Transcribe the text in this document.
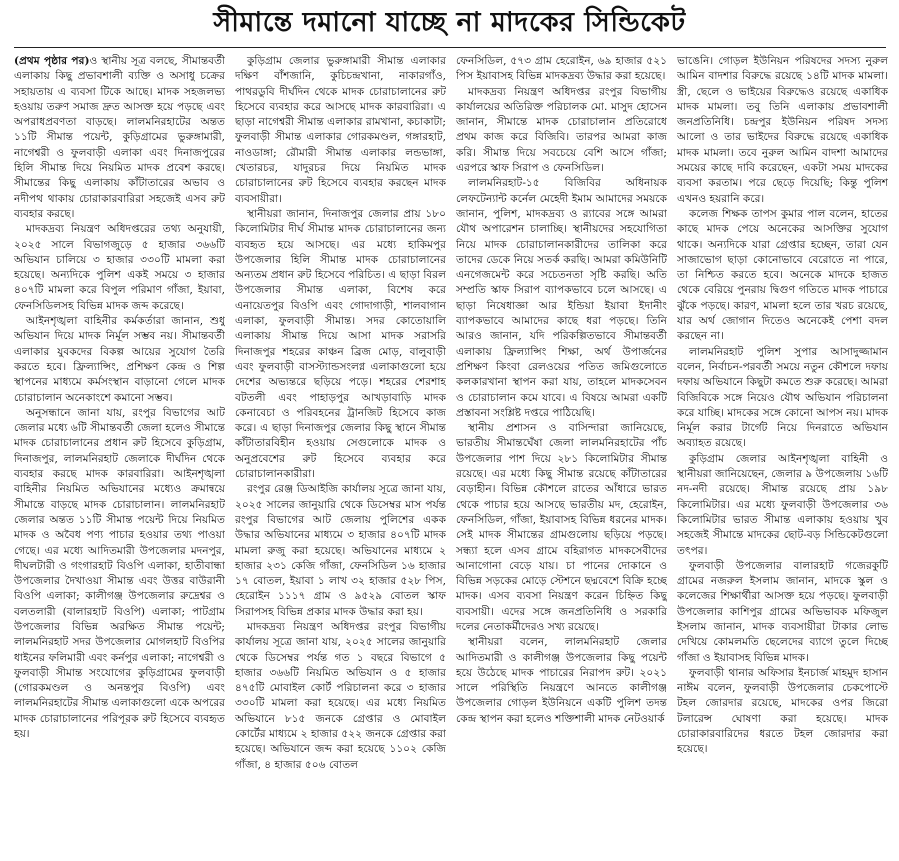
সীমান্তে দমানো যাচ্ছে না মাদকের সিন্ডিকেট

(প্রথম পৃষ্ঠার পর)ও স্থানীয় সূত্র বলছে, সীমান্তবর্তী এলাকায় কিছু প্রভাবশালী ব্যক্তি ও অসাধু চক্রের সহায়তায় এ ব্যবসা টিকে আছে। মাদক সহজলভ্য হওয়ায় তরুণ সমাজ দ্রুত আসক্ত হয়ে পড়ছে এবং অপরাধপ্রবণতা বাড়ছে। লালমনিরহাটের অন্তত ১১টি সীমান্ত পয়েন্ট, কুড়িগ্রামের ভুরুঙ্গামারী, নাগেশ্বরী ও ফুলবাড়ী এলাকা এবং দিনাজপুরের হিলি সীমান্ত দিয়ে নিয়মিত মাদক প্রবেশ করছে। সীমান্তের কিছু এলাকায় কাঁটাতারের অভাব ও নদীপথ থাকায় চোরাকারবারিরা সহজেই এসব রুট ব্যবহার করছে।

মাদকদ্রব্য নিয়ন্ত্রণ অধিদপ্তরের তথ্য অনুযায়ী, ২০২৫ সালে বিভাগজুড়ে ৫ হাজার ৩৬৬টি অভিযান চালিয়ে ৩ হাজার ৩৩০টি মামলা করা হয়েছে। অন্যদিকে পুলিশ একই সময়ে ৩ হাজার ৪০৭টি মামলা করে বিপুল পরিমাণ গাঁজা, ইয়াবা, ফেনসিডিলসহ বিভিন্ন মাদক জব্দ করেছে।

আইনশৃঙ্খলা বাহিনীর কর্মকর্তারা জানান, শুধু অভিযান দিয়ে মাদক নির্মূল সম্ভব নয়। সীমান্তবর্তী এলাকার যুবকদের বিকল্প আয়ের সুযোগ তৈরি করতে হবে। ফ্রিল্যান্সিং, প্রশিক্ষণ কেন্দ্র ও শিল্প স্থাপনের মাধ্যমে কর্মসংস্থান বাড়ানো গেলে মাদক চোরাচালান অনেকাংশে কমানো সম্ভব।

অনুসন্ধানে জানা যায়, রংপুর বিভাগের আট জেলার মধ্যে ৬টি সীমান্তবর্তী জেলা হলেও সীমান্তে মাদক চোরাচালানের প্রধান রুট হিসেবে কুড়িগ্রাম, দিনাজপুর, লালমনিরহাট জেলাকে দীর্ঘদিন থেকে ব্যবহার করছে মাদক কারবারিরা। আইনশৃঙ্খলা বাহিনীর নিয়মিত অভিযানের মধ্যেও ক্রমান্বয়ে সীমান্তে বাড়ছে মাদক চোরাচালান। লালমনিরহাট জেলার অন্তত ১১টি সীমান্ত পয়েন্ট দিয়ে নিয়মিত মাদক ও অবৈধ পণ্য পাচার হওয়ার তথ্য পাওয়া গেছে। এর মধ্যে আদিতমারী উপজেলার মদনপুর, দীঘলটারী ও গংগারহাট বিওপি এলাকা, হাতীবান্ধা উপজেলার দৈখাওয়া সীমান্ত এবং উত্তর বাউরানী বিওপি এলাকা; কালীগঞ্জ উপজেলার রুদ্রেশ্বর ও বলতলারী (বালারহাট বিওপি) এলাকা; পাটগ্রাম উপজেলার বিভিন্ন অরক্ষিত সীমান্ত পয়েন্ট; লালমনিরহাট সদর উপজেলার মোগলহাট বিওপির ধাইনের ফলিমারী এবং কর্নপুর এলাকা; নাগেশ্বরী ও ফুলবাড়ী সীমান্ত সংযোগের কুড়িগ্রামের ফুলবাড়ী (গোরকমণ্ডল ও অনন্তপুর বিওপি) এবং লালমনিরহাটের সীমান্ত এলাকাগুলো একে অপরের মাদক চোরাচালানের পরিপূরক রুট হিসেবে ব্যবহৃত হয়।

কুড়িগ্রাম জেলার ভুরুঙ্গামারী সীমান্ত এলাকার দক্ষিণ বাঁশজানি, কুচিচন্দ্রখানা, নাকারগাঁও, পাথরডুবি দীর্ঘদিন থেকে মাদক চোরাচালানের রুট হিসেবে ব্যবহার করে আসছে মাদক কারবারিরা। এ ছাড়া নাগেশ্বরী সীমান্ত এলাকার রামখানা, কচাকাটা; ফুলবাড়ী সীমান্ত এলাকার গোরকমণ্ডল, গঙ্গারহাট, নাওডাঙ্গা; রৌমারী সীমান্ত এলাকার লন্ডভাঙ্গা, খেতারচর, যাদুরচর দিয়ে নিয়মিত মাদক চোরাচালানের রুট হিসেবে ব্যবহার করছেন মাদক ব্যবসায়ীরা।

স্থানীয়রা জানান, দিনাজপুর জেলার প্রায় ১৮০ কিলোমিটার দীর্ঘ সীমান্ত মাদক চোরাচালানের জন্য ব্যবহৃত হয়ে আসছে। এর মধ্যে হাকিমপুর উপজেলার হিলি সীমান্ত মাদক চোরাচালানের অন্যতম প্রধান রুট হিসেবে পরিচিত। এ ছাড়া বিরল উপজেলার সীমান্ত এলাকা, বিশেষ করে এনায়েতপুর বিওপি এবং গোদাগাড়ী, শালবাগান এলাকা, ফুলবাড়ী সীমান্ত। সদর কোতোয়ালি এলাকায় সীমান্ত দিয়ে আসা মাদক সরাসরি দিনাজপুর শহরের কাঞ্চন ব্রিজ মোড়, বালুবাড়ী এবং ফুলবাড়ী বাসস্ট্যান্ডসংলগ্ন এলাকাগুলো হয়ে দেশের অভ্যন্তরে ছড়িয়ে পড়ে। শহরের শেরশাহ বটতলী এবং পাহাড়পুর আখড়াবাড়ি মাদক কেনাবেচা ও পরিবহনের ট্রানজিট হিসেবে কাজ করে। এ ছাড়া দিনাজপুর জেলার কিছু স্থানে সীমান্ত কাঁটাতারবিহীন হওয়ায় সেগুলোকে মাদক ও অনুপ্রবেশের রুট হিসেবে ব্যবহার করে চোরাচালানকারীরা।

রংপুর রেঞ্জ ডিআইজি কার্যালয় সূত্রে জানা যায়, ২০২৫ সালের জানুয়ারি থেকে ডিসেম্বর মাস পর্যন্ত রংপুর বিভাগের আট জেলায় পুলিশের একক উদ্ধার অভিযানের মাধ্যমে ৩ হাজার ৪০৭টি মাদক মামলা রুজু করা হয়েছে। অভিযানের মাধ্যমে ২ হাজার ২৩১ কেজি গাঁজা, ফেনসিডিল ১৬ হাজার ১৭ বোতল, ইয়াবা ১ লাখ ৩২ হাজার ৫২৮ পিস, হেরোইন ১১১৭ গ্রাম ও ৯৫২৯ বোতল স্কাফ সিরাপসহ বিভিন্ন প্রকার মাদক উদ্ধার করা হয়।

মাদকদ্রব্য নিয়ন্ত্রণ অধিদপ্তর রংপুর বিভাগীয় কার্যালয় সূত্রে জানা যায়, ২০২৫ সালের জানুয়ারি থেকে ডিসেম্বর পর্যন্ত গত ১ বছরে বিভাগে ৫ হাজার ৩৬৬টি নিয়মিত অভিযান ও ৫ হাজার ৪৭৫টি মোবাইল কোর্ট পরিচালনা করে ৩ হাজার ৩৩০টি মামলা করা হয়েছে। এর মধ্যে নিয়মিত অভিযানে ৮১৫ জনকে গ্রেপ্তার ও মোবাইল কোর্টের মাধ্যমে ২ হাজার ৫২২ জনকে গ্রেপ্তার করা হয়েছে। অভিযানে জব্দ করা হয়েছে ১১০২ কেজি গাঁজা, ৪ হাজার ৫০৬ বোতল

ফেনসিডিল, ৫৭৩ গ্রাম হেরোইন, ৬৯ হাজার ৫২১ পিস ইয়াবাসহ বিভিন্ন মাদকদ্রব্য উদ্ধার করা হয়েছে।

মাদকদ্রব্য নিয়ন্ত্রণ অধিদপ্তর রংপুর বিভাগীয় কার্যালয়ের অতিরিক্ত পরিচালক মো. মাসুদ হোসেন জানান, সীমান্তে মাদক চোরাচালান প্রতিরোধে প্রথম কাজ করে বিজিবি। তারপর আমরা কাজ করি। সীমান্ত দিয়ে সবচেয়ে বেশি আসে গাঁজা; এরপরে স্কাফ সিরাপ ও ফেনসিডিল।

লালমনিরহাট-১৫ বিজিবির অধিনায়ক লেফটেন্যান্ট কর্নেল মেহেদী ইমাম আমাদের সময়কে জানান, পুলিশ, মাদকদ্রব্য ও র‌্যাবের সঙ্গে আমরা যৌথ অপারেশন চালাচ্ছি। স্থানীয়দের সহযোগিতা নিয়ে মাদক চোরাচালানকারীদের তালিকা করে তাদের ডেকে নিয়ে সতর্ক করছি। আমরা কমিউনিটি এনগেজমেন্ট করে সচেতনতা সৃষ্টি করছি। অতি সম্প্রতি স্কাফ সিরাপ ব্যাপকভাবে চলে আসছে। এ ছাড়া নিষেধাজ্ঞা আর ইন্ডিয়া ইয়াবা ইদানীং ব্যাপকভাবে আমাদের কাছে ধরা পড়ছে। তিনি আরও জানান, যদি পরিকল্পিতভাবে সীমান্তবর্তী এলাকায় ফ্রিল্যান্সিং শিক্ষা, অর্থ উপার্জনের প্রশিক্ষণ কিংবা রেলওয়ের পতিত জমিগুলোতে কলকারখানা স্থাপন করা যায়, তাহলে মাদকসেবন ও চোরাচালান কমে যাবে। এ বিষয়ে আমরা একটি প্রস্তাবনা সংশ্লিষ্ট দপ্তরে পাঠিয়েছি।

স্থানীয় প্রশাসন ও বাসিন্দারা জানিয়েছে, ভারতীয় সীমান্তঘেঁষা জেলা লালমনিরহাটের পাঁচ উপজেলার পাশ দিয়ে ২৮১ কিলোমিটার সীমান্ত রয়েছে। এর মধ্যে কিছু সীমান্ত রয়েছে কাঁটাতারের বেড়াহীন। বিভিন্ন কৌশলে রাতের আঁধারে ভারত থেকে পাচার হয়ে আসছে ভারতীয় মদ, হেরোইন, ফেনসিডিল, গাঁজা, ইয়াবাসহ বিভিন্ন ধরনের মাদক। সেই মাদক সীমান্তের গ্রামগুলোয় ছড়িয়ে পড়ছে। সন্ধ্যা হলে এসব গ্রামে বহিরাগত মাদকসেবীদের আনাগোনা বেড়ে যায়। চা পানের দোকানে ও বিভিন্ন সড়কের মোড়ে স্টেশনে ছদ্মবেশে বিক্রি হচ্ছে মাদক। এসব ব্যবসা নিয়ন্ত্রণ করেন চিহ্নিত কিছু ব্যবসায়ী। এদের সঙ্গে জনপ্রতিনিধি ও সরকারি দলের নেতাকর্মীদেরও সখ্য রয়েছে।

স্থানীয়রা বলেন, লালমনিরহাট জেলার আদিতমারী ও কালীগঞ্জ উপজেলার কিছু পয়েন্ট হয়ে উঠেছে মাদক পাচারের নিরাপদ রুট। ২০২১ সালে পরিস্থিতি নিয়ন্ত্রণে আনতে কালীগঞ্জ উপজেলার গোড়ল ইউনিয়নে একটি পুলিশ তদন্ত কেন্দ্র স্থাপন করা হলেও শক্তিশালী মাদক নেটওয়ার্ক

ভাঙেনি। গোড়ল ইউনিয়ন পরিষদের সদস্য নুরুল আমিন বাদশার বিরুদ্ধে রয়েছে ১৪টি মাদক মামলা। স্ত্রী, ছেলে ও ভাইয়ের বিরুদ্ধেও রয়েছে একাধিক মাদক মামলা। তবু তিনি এলাকায় প্রভাবশালী জনপ্রতিনিধি। চন্দ্রপুর ইউনিয়ন পরিষদ সদস্য আলো ও তার ভাইদের বিরুদ্ধে রয়েছে একাধিক মাদক মামলা। তবে নুরুল আমিন বাদশা আমাদের সময়ের কাছে দাবি করেছেন, একটা সময় মাদকের ব্যবসা করতাম। পরে ছেড়ে দিয়েছি; কিন্তু পুলিশ এখনও হয়রানি করে।

কলেজ শিক্ষক তাপস কুমার পাল বলেন, হাতের কাছে মাদক পেয়ে অনেকের আসক্তির সুযোগ থাকে। অন্যদিকে যারা গ্রেপ্তার হচ্ছেন, তারা যেন সাজাভোগ ছাড়া কোনোভাবে বেরোতে না পারে, তা নিশ্চিত করতে হবে। অনেকে মাদকে হাজত থেকে বেরিয়ে পুনরায় দ্বিগুণ গতিতে মাদক পাচারে ঝুঁকে পড়ছে। কারণ, মামলা হলে তার খরচ রয়েছে, যার অর্থ জোগান দিতেও অনেকেই পেশা বদল করছেন না।

লালমনিরহাট পুলিশ সুপার আসাদুজ্জামান বলেন, নির্বাচন-পরবর্তী সময়ে নতুন কৌশলে দফায় দফায় অভিযানে কিছুটা কমতে শুরু করেছে। আমরা বিজিবিকে সঙ্গে নিয়েও যৌথ অভিযান পরিচালনা করে যাচ্ছি। মাদকের সঙ্গে কোনো আপস নয়। মাদক নির্মূল করার টার্গেট নিয়ে দিনরাতে অভিযান অব্যাহত রয়েছে।

কুড়িগ্রাম জেলার আইনশৃঙ্খলা বাহিনী ও স্থানীয়রা জানিয়েছেন, জেলার ৯ উপজেলায় ১৬টি নদ-নদী রয়েছে। সীমান্ত রয়েছে প্রায় ১৯৮ কিলোমিটার। এর মধ্যে ফুলবাড়ী উপজেলার ৩৬ কিলোমিটার ভারত সীমান্ত এলাকায় হওয়ায় খুব সহজেই সীমান্তে মাদকের ছোট-বড় সিন্ডিকেটগুলো তৎপর।

ফুলবাড়ী উপজেলার বালারহাট গজেরকুটি গ্রামের নজরুল ইসলাম জানান, মাদকে স্কুল ও কলেজের শিক্ষার্থীরা আসক্ত হয়ে পড়ছে। ফুলবাড়ী উপজেলার কাশিপুর গ্রামের অভিভাবক মফিজুল ইসলাম জানান, মাদক ব্যবসায়ীরা টাকার লোভ দেখিয়ে কোমলমতি ছেলেদের ব্যাগে তুলে দিচ্ছে গাঁজা ও ইয়াবাসহ বিভিন্ন মাদক।

ফুলবাড়ী থানার অফিসার ইনচার্জ মাহমুদ হাসান নাঈম বলেন, ফুলবাড়ী উপজেলার চেকপোস্টে টহল জোরদার রয়েছে, মাদকের ওপর জিরো টলারেন্স ঘোষণা করা হয়েছে। মাদক চোরাকারবারিদের ধরতে টহল জোরদার করা হয়েছে।
